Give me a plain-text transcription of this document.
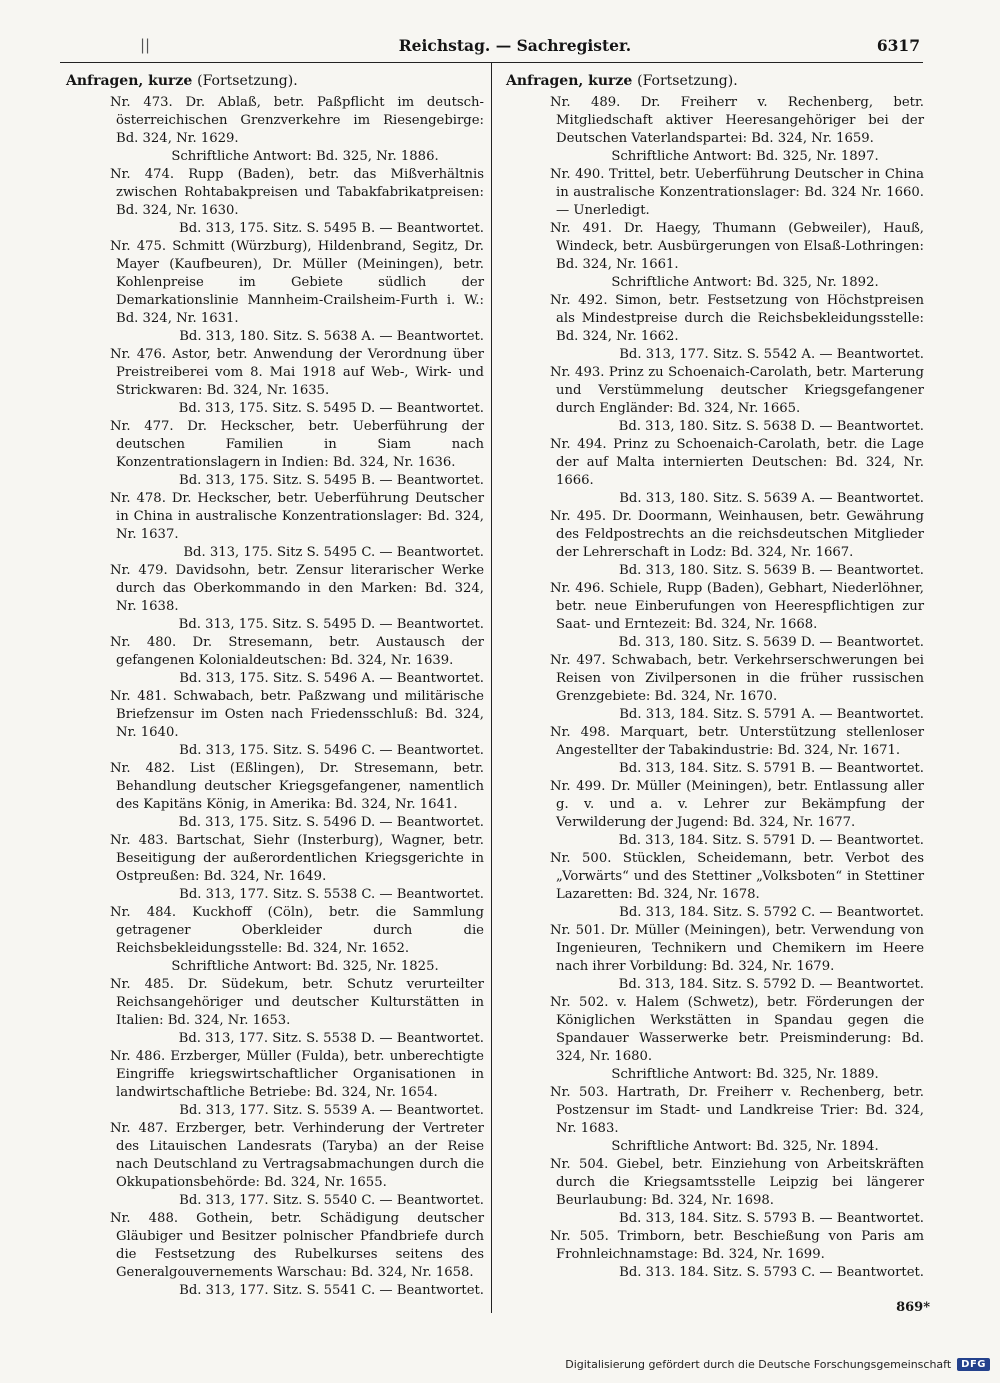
||	Reichstag. — Sachregister.	6317
Anfragen, kurze (Fortsetzung).
Nr. 473. Dr. Ablaß, betr. Paßpflicht im deutsch-österreichischen Grenzverkehre im Riesengebirge: Bd. 324, Nr. 1629.
Schriftliche Antwort: Bd. 325, Nr. 1886.
Nr. 474. Rupp (Baden), betr. das Mißverhältnis zwischen Rohtabakpreisen und Tabakfabrikatpreisen: Bd. 324, Nr. 1630.
Bd. 313, 175. Sitz. S. 5495 B. — Beantwortet.
Nr. 475. Schmitt (Würzburg), Hildenbrand, Segitz, Dr. Mayer (Kaufbeuren), Dr. Müller (Meiningen), betr. Kohlenpreise im Gebiete südlich der Demarkationslinie Mannheim-Crailsheim-Furth i. W.: Bd. 324, Nr. 1631.
Bd. 313, 180. Sitz. S. 5638 A. — Beantwortet.
Nr. 476. Astor, betr. Anwendung der Verordnung über Preistreiberei vom 8. Mai 1918 auf Web-, Wirk- und Strickwaren: Bd. 324, Nr. 1635.
Bd. 313, 175. Sitz. S. 5495 D. — Beantwortet.
Nr. 477. Dr. Heckscher, betr. Ueberführung der deutschen Familien in Siam nach Konzentrationslagern in Indien: Bd. 324, Nr. 1636.
Bd. 313, 175. Sitz. S. 5495 B. — Beantwortet.
Nr. 478. Dr. Heckscher, betr. Ueberführung Deutscher in China in australische Konzentrationslager: Bd. 324, Nr. 1637.
Bd. 313, 175. Sitz S. 5495 C. — Beantwortet.
Nr. 479. Davidsohn, betr. Zensur literarischer Werke durch das Oberkommando in den Marken: Bd. 324, Nr. 1638.
Bd. 313, 175. Sitz. S. 5495 D. — Beantwortet.
Nr. 480. Dr. Stresemann, betr. Austausch der gefangenen Kolonialdeutschen: Bd. 324, Nr. 1639.
Bd. 313, 175. Sitz. S. 5496 A. — Beantwortet.
Nr. 481. Schwabach, betr. Paßzwang und militärische Briefzensur im Osten nach Friedensschluß: Bd. 324, Nr. 1640.
Bd. 313, 175. Sitz. S. 5496 C. — Beantwortet.
Nr. 482. List (Eßlingen), Dr. Stresemann, betr. Behandlung deutscher Kriegsgefangener, namentlich des Kapitäns König, in Amerika: Bd. 324, Nr. 1641.
Bd. 313, 175. Sitz. S. 5496 D. — Beantwortet.
Nr. 483. Bartschat, Siehr (Insterburg), Wagner, betr. Beseitigung der außerordentlichen Kriegsgerichte in Ostpreußen: Bd. 324, Nr. 1649.
Bd. 313, 177. Sitz. S. 5538 C. — Beantwortet.
Nr. 484. Kuckhoff (Cöln), betr. die Sammlung getragener Oberkleider durch die Reichsbekleidungsstelle: Bd. 324, Nr. 1652.
Schriftliche Antwort: Bd. 325, Nr. 1825.
Nr. 485. Dr. Südekum, betr. Schutz verurteilter Reichsangehöriger und deutscher Kulturstätten in Italien: Bd. 324, Nr. 1653.
Bd. 313, 177. Sitz. S. 5538 D. — Beantwortet.
Nr. 486. Erzberger, Müller (Fulda), betr. unberechtigte Eingriffe kriegswirtschaftlicher Organisationen in landwirtschaftliche Betriebe: Bd. 324, Nr. 1654.
Bd. 313, 177. Sitz. S. 5539 A. — Beantwortet.
Nr. 487. Erzberger, betr. Verhinderung der Vertreter des Litauischen Landesrats (Taryba) an der Reise nach Deutschland zu Vertragsabmachungen durch die Okkupationsbehörde: Bd. 324, Nr. 1655.
Bd. 313, 177. Sitz. S. 5540 C. — Beantwortet.
Nr. 488. Gothein, betr. Schädigung deutscher Gläubiger und Besitzer polnischer Pfandbriefe durch die Festsetzung des Rubelkurses seitens des Generalgouvernements Warschau: Bd. 324, Nr. 1658.
Bd. 313, 177. Sitz. S. 5541 C. — Beantwortet.
Anfragen, kurze (Fortsetzung).
Nr. 489. Dr. Freiherr v. Rechenberg, betr. Mitgliedschaft aktiver Heeresangehöriger bei der Deutschen Vaterlandspartei: Bd. 324, Nr. 1659.
Schriftliche Antwort: Bd. 325, Nr. 1897.
Nr. 490. Trittel, betr. Ueberführung Deutscher in China in australische Konzentrationslager: Bd. 324 Nr. 1660. — Unerledigt.
Nr. 491. Dr. Haegy, Thumann (Gebweiler), Hauß, Windeck, betr. Ausbürgerungen von Elsaß-Lothringen: Bd. 324, Nr. 1661.
Schriftliche Antwort: Bd. 325, Nr. 1892.
Nr. 492. Simon, betr. Festsetzung von Höchstpreisen als Mindestpreise durch die Reichsbekleidungsstelle: Bd. 324, Nr. 1662.
Bd. 313, 177. Sitz. S. 5542 A. — Beantwortet.
Nr. 493. Prinz zu Schoenaich-Carolath, betr. Marterung und Verstümmelung deutscher Kriegsgefangener durch Engländer: Bd. 324, Nr. 1665.
Bd. 313, 180. Sitz. S. 5638 D. — Beantwortet.
Nr. 494. Prinz zu Schoenaich-Carolath, betr. die Lage der auf Malta internierten Deutschen: Bd. 324, Nr. 1666.
Bd. 313, 180. Sitz. S. 5639 A. — Beantwortet.
Nr. 495. Dr. Doormann, Weinhausen, betr. Gewährung des Feldpostrechts an die reichsdeutschen Mitglieder der Lehrerschaft in Lodz: Bd. 324, Nr. 1667.
Bd. 313, 180. Sitz. S. 5639 B. — Beantwortet.
Nr. 496. Schiele, Rupp (Baden), Gebhart, Niederlöhner, betr. neue Einberufungen von Heerespflichtigen zur Saat- und Erntezeit: Bd. 324, Nr. 1668.
Bd. 313, 180. Sitz. S. 5639 D. — Beantwortet.
Nr. 497. Schwabach, betr. Verkehrserschwerungen bei Reisen von Zivilpersonen in die früher russischen Grenzgebiete: Bd. 324, Nr. 1670.
Bd. 313, 184. Sitz. S. 5791 A. — Beantwortet.
Nr. 498. Marquart, betr. Unterstützung stellenloser Angestellter der Tabakindustrie: Bd. 324, Nr. 1671.
Bd. 313, 184. Sitz. S. 5791 B. — Beantwortet.
Nr. 499. Dr. Müller (Meiningen), betr. Entlassung aller g. v. und a. v. Lehrer zur Bekämpfung der Verwilderung der Jugend: Bd. 324, Nr. 1677.
Bd. 313, 184. Sitz. S. 5791 D. — Beantwortet.
Nr. 500. Stücklen, Scheidemann, betr. Verbot des „Vorwärts“ und des Stettiner „Volksboten“ in Stettiner Lazaretten: Bd. 324, Nr. 1678.
Bd. 313, 184. Sitz. S. 5792 C. — Beantwortet.
Nr. 501. Dr. Müller (Meiningen), betr. Verwendung von Ingenieuren, Technikern und Chemikern im Heere nach ihrer Vorbildung: Bd. 324, Nr. 1679.
Bd. 313, 184. Sitz. S. 5792 D. — Beantwortet.
Nr. 502. v. Halem (Schwetz), betr. Förderungen der Königlichen Werkstätten in Spandau gegen die Spandauer Wasserwerke betr. Preisminderung: Bd. 324, Nr. 1680.
Schriftliche Antwort: Bd. 325, Nr. 1889.
Nr. 503. Hartrath, Dr. Freiherr v. Rechenberg, betr. Postzensur im Stadt- und Landkreise Trier: Bd. 324, Nr. 1683.
Schriftliche Antwort: Bd. 325, Nr. 1894.
Nr. 504. Giebel, betr. Einziehung von Arbeitskräften durch die Kriegsamtsstelle Leipzig bei längerer Beurlaubung: Bd. 324, Nr. 1698.
Bd. 313, 184. Sitz. S. 5793 B. — Beantwortet.
Nr. 505. Trimborn, betr. Beschießung von Paris am Frohnleichnamstage: Bd. 324, Nr. 1699.
Bd. 313. 184. Sitz. S. 5793 C. — Beantwortet.
869*
Digitalisierung gefördert durch die Deutsche Forschungsgemeinschaft	DFG
